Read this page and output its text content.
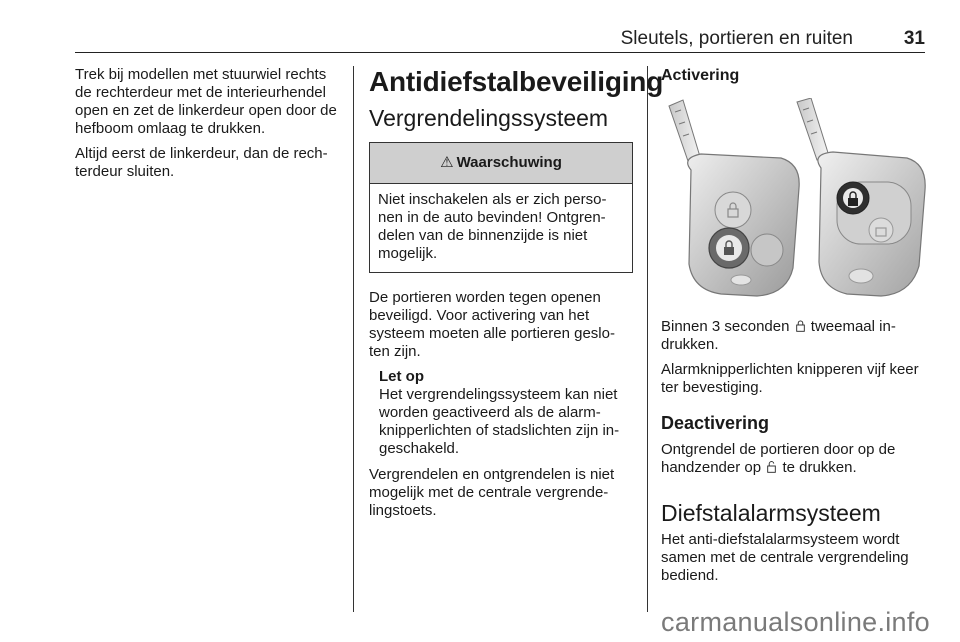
Sleutels, portieren en ruiten	31

Trek bij modellen met stuurwiel rechts de rechterdeur met de interieurhendel open en zet de linkerdeur open door de hefboom omlaag te drukken.

Altijd eerst de linkerdeur, dan de rech-terdeur sluiten.

Antidiefstalbeveiliging
Vergrendelingssysteem
⚠ Waarschuwing
Niet inschakelen als er zich perso-nen in de auto bevinden! Ontgren-delen van de binnenzijde is niet mogelijk.

De portieren worden tegen openen beveiligd. Voor activering van het systeem moeten alle portieren geslo-ten zijn.

Let op
Het vergrendelingssysteem kan niet worden geactiveerd als de alarm-knipperlichten of stadslichten zijn in-geschakeld.

Vergrendelen en ontgrendelen is niet mogelijk met de centrale vergrende-lingstoets.

Activering

Binnen 3 seconden tweemaal in-drukken.

Alarmknipperlichten knipperen vijf keer ter bevestiging.

Deactivering

Ontgrendel de portieren door op de handzender op te drukken.

Diefstalalarmsysteem

Het anti-diefstalalarmsysteem wordt samen met de centrale vergrendeling bediend.

carmanualsonline.info
